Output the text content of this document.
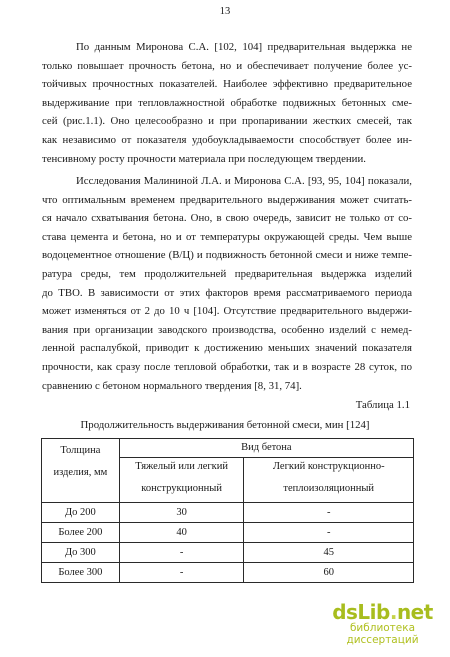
13
По данным Миронова С.А. [102, 104] предварительная выдержка не
только повышает прочность бетона, но и обеспечивает получение более ус-
тойчивых прочностных показателей. Наиболее эффективно предварительное
выдерживание при тепловлажностной обработке подвижных бетонных сме-
сей (рис.1.1). Оно целесообразно и при пропаривании жестких смесей, так
как независимо от показателя удобоукладываемости способствует более ин-
тенсивному росту прочности материала при последующем твердении.
Исследования Малининой Л.А. и Миронова С.А. [93, 95, 104] показали,
что оптимальным временем предварительного выдерживания может считать-
ся начало схватывания бетона. Оно, в свою очередь, зависит не только от со-
става цемента и бетона, но и от температуры окружающей среды. Чем выше
водоцементное отношение (В/Ц) и подвижность бетонной смеси и ниже темпе-
ратура среды, тем продолжительней предварительная выдержка изделий
до ТВО. В зависимости от этих факторов время рассматриваемого периода
может изменяться от 2 до 10 ч [104]. Отсутствие предварительного выдержи-
вания при организации заводского производства, особенно изделий с немед-
ленной распалубкой, приводит к достижению меньших значений показателя
прочности, как сразу после тепловой обработки, так и в возрасте 28 суток, по
сравнению с бетоном нормального твердения [8, 31, 74].
Таблица 1.1
Продолжительность выдерживания бетонной смеси, мин [124]
Толщина
изделия, мм	Вид бетона	
	Тяжелый или легкий	Легкий конструкционно-
	конструкционный	теплоизоляционный
До 200	30	-
Более 200	40	-
До 300	-	45
Более 300	-	60
dsLib.net
библиотека диссертаций
